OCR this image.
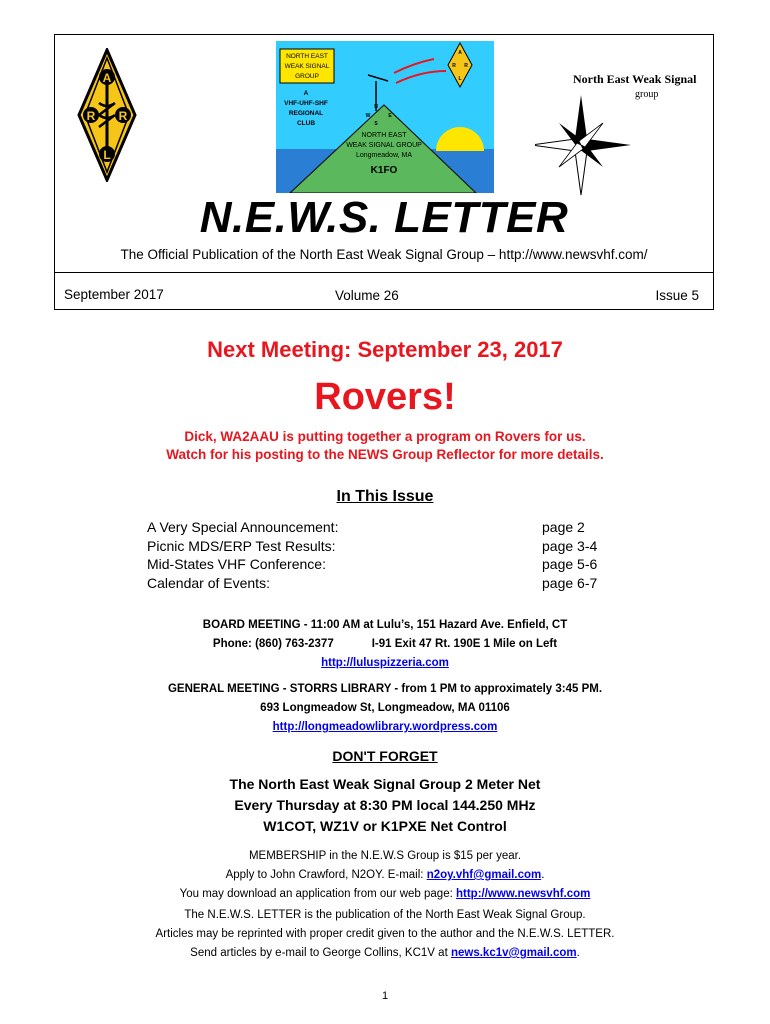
A
R R
L
NORTH EAST
WEAK SIGNAL
GROUP
A
VHF-UHF-SHF
REGIONAL
CLUB
A
R R
L
N
W	E
S
NORTH EAST
WEAK SIGNAL GROUP
Longmeadow, MA
K1FO
North East Weak Signal
group
N.E.W.S. LETTER
The Official Publication of the North East Weak Signal Group – http://www.newsvhf.com/
September 2017	Volume 26	Issue 5
Next Meeting: September 23, 2017
Rovers!
Dick, WA2AAU is putting together a program on Rovers for us.
Watch for his posting to the NEWS Group Reflector for more details.
In This Issue
A Very Special Announcement:	page 2
Picnic MDS/ERP Test Results:	page 3-4
Mid-States VHF Conference:	page 5-6
Calendar of Events:	page 6-7
BOARD MEETING - 11:00 AM at Lulu’s, 151 Hazard Ave. Enfield, CT
Phone: (860) 763-2377	I-91 Exit 47 Rt. 190E 1 Mile on Left
http://luluspizzeria.com
GENERAL MEETING - STORRS LIBRARY - from 1 PM to approximately 3:45 PM.
693 Longmeadow St, Longmeadow, MA 01106
http://longmeadowlibrary.wordpress.com
DON'T FORGET
The North East Weak Signal Group 2 Meter Net
Every Thursday at 8:30 PM local 144.250 MHz
W1COT, WZ1V or K1PXE Net Control
MEMBERSHIP in the N.E.W.S Group is $15 per year.
Apply to John Crawford, N2OY. E-mail: n2oy.vhf@gmail.com.
You may download an application from our web page: http://www.newsvhf.com
The N.E.W.S. LETTER is the publication of the North East Weak Signal Group.
Articles may be reprinted with proper credit given to the author and the N.E.W.S. LETTER.
Send articles by e-mail to George Collins, KC1V at news.kc1v@gmail.com.
1
